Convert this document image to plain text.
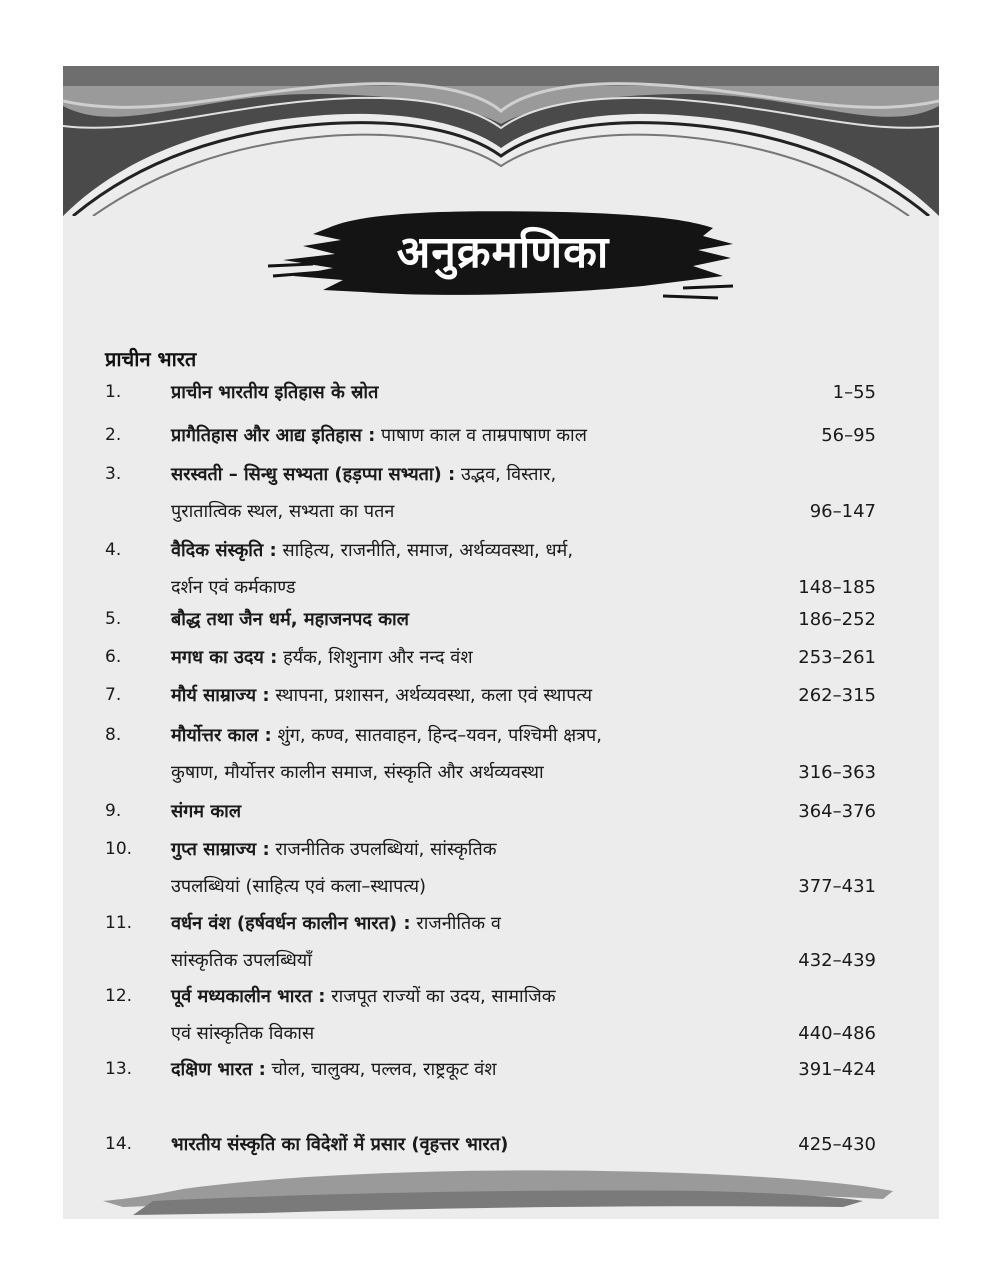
अनुक्रमणिका
प्राचीन भारत
1.	प्राचीन भारतीय इतिहास के स्रोत	1–55
2.	प्रागैतिहास और आद्य इतिहास : पाषाण काल व ताम्रपाषाण काल	56–95
3.	सरस्वती – सिन्धु सभ्यता (हड़प्पा सभ्यता) : उद्भव, विस्तार,
पुरातात्विक स्थल, सभ्यता का पतन	96–147
4.	वैदिक संस्कृति : साहित्य, राजनीति, समाज, अर्थव्यवस्था, धर्म,
दर्शन एवं कर्मकाण्ड	148–185
5.	बौद्ध तथा जैन धर्म, महाजनपद काल	186–252
6.	मगध का उदय : हर्यंक, शिशुनाग और नन्द वंश	253–261
7.	मौर्य साम्राज्य : स्थापना, प्रशासन, अर्थव्यवस्था, कला एवं स्थापत्य	262–315
8.	मौर्योत्तर काल : शुंग, कण्व, सातवाहन, हिन्द–यवन, पश्चिमी क्षत्रप,
कुषाण, मौर्योत्तर कालीन समाज, संस्कृति और अर्थव्यवस्था	316–363
9.	संगम काल	364–376
10. गुप्त साम्राज्य : राजनीतिक उपलब्धियां, सांस्कृतिक
उपलब्धियां (साहित्य एवं कला–स्थापत्य)	377–431
11. वर्धन वंश (हर्षवर्धन कालीन भारत) : राजनीतिक व
सांस्कृतिक उपलब्धियाँ	432–439
12. पूर्व मध्यकालीन भारत : राजपूत राज्यों का उदय, सामाजिक
एवं सांस्कृतिक विकास	440–486
13. दक्षिण भारत : चोल, चालुक्य, पल्लव, राष्ट्रकूट वंश	391–424
14. भारतीय संस्कृति का विदेशों में प्रसार (वृहत्तर भारत)	425–430
